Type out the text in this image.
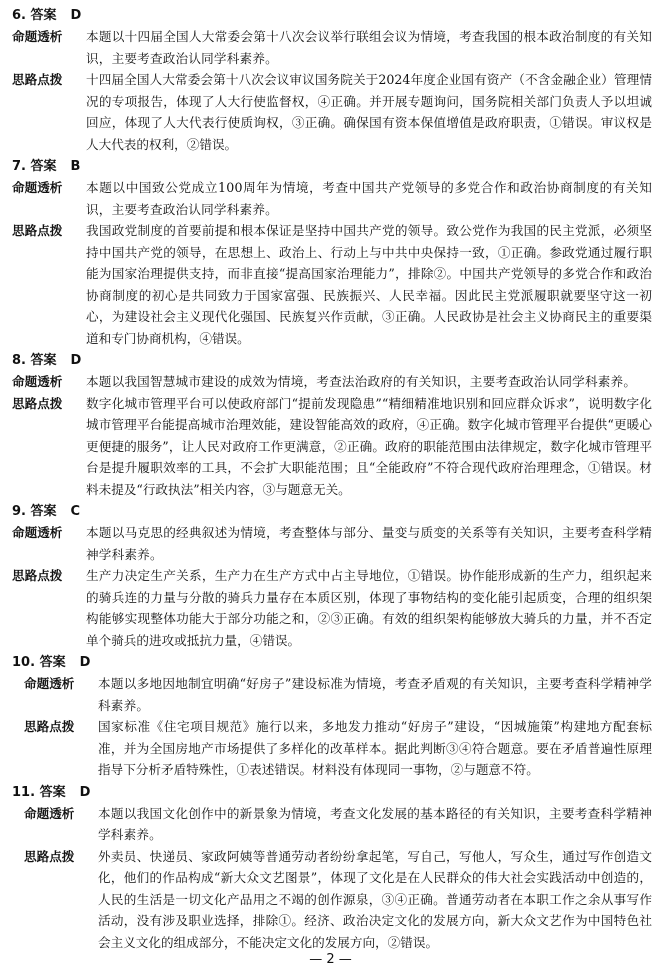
6. 答案 D
命题透析	本题以十四届全国人大常委会第十八次会议举行联组会议为情境，考查我国的根本政治制度的有关知识，主要考查政治认同学科素养。
思路点拨	十四届全国人大常委会第十八次会议审议国务院关于2024年度企业国有资产（不含金融企业）管理情况的专项报告，体现了人大行使监督权，④正确。并开展专题询问，国务院相关部门负责人予以坦诚回应，体现了人大代表行使质询权，③正确。确保国有资本保值增值是政府职责，①错误。审议权是人大代表的权利，②错误。
7. 答案 B
命题透析	本题以中国致公党成立100周年为情境，考查中国共产党领导的多党合作和政治协商制度的有关知识，主要考查政治认同学科素养。
思路点拨	我国政党制度的首要前提和根本保证是坚持中国共产党的领导。致公党作为我国的民主党派，必须坚持中国共产党的领导，在思想上、政治上、行动上与中共中央保持一致，①正确。参政党通过履行职能为国家治理提供支持，而非直接“提高国家治理能力”，排除②。中国共产党领导的多党合作和政治协商制度的初心是共同致力于国家富强、民族振兴、人民幸福。因此民主党派履职就要坚守这一初心，为建设社会主义现代化强国、民族复兴作贡献，③正确。人民政协是社会主义协商民主的重要渠道和专门协商机构，④错误。
8. 答案 D
命题透析	本题以我国智慧城市建设的成效为情境，考查法治政府的有关知识，主要考查政治认同学科素养。
思路点拨	数字化城市管理平台可以使政府部门“提前发现隐患”“精细精准地识别和回应群众诉求”，说明数字化城市管理平台能提高城市治理效能，建设智能高效的政府，④正确。数字化城市管理平台提供“更暖心更便捷的服务”，让人民对政府工作更满意，②正确。政府的职能范围由法律规定，数字化城市管理平台是提升履职效率的工具，不会扩大职能范围；且“全能政府”不符合现代政府治理理念，①错误。材料未提及“行政执法”相关内容，③与题意无关。
9. 答案 C
命题透析	本题以马克思的经典叙述为情境，考查整体与部分、量变与质变的关系等有关知识，主要考查科学精神学科素养。
思路点拨	生产力决定生产关系，生产力在生产方式中占主导地位，①错误。协作能形成新的生产力，组织起来的骑兵连的力量与分散的骑兵力量存在本质区别，体现了事物结构的变化能引起质变，合理的组织架构能够实现整体功能大于部分功能之和，②③正确。有效的组织架构能够放大骑兵的力量，并不否定单个骑兵的进攻或抵抗力量，④错误。
10. 答案 D
命题透析	本题以多地因地制宜明确“好房子”建设标准为情境，考查矛盾观的有关知识，主要考查科学精神学科素养。
思路点拨	国家标准《住宅项目规范》施行以来，多地发力推动“好房子”建设，“因城施策”构建地方配套标准，并为全国房地产市场提供了多样化的改革样本。据此判断③④符合题意。要在矛盾普遍性原理指导下分析矛盾特殊性，①表述错误。材料没有体现同一事物，②与题意不符。
11. 答案 D
命题透析	本题以我国文化创作中的新景象为情境，考查文化发展的基本路径的有关知识，主要考查科学精神学科素养。
思路点拨	外卖员、快递员、家政阿姨等普通劳动者纷纷拿起笔，写自己，写他人，写众生，通过写作创造文化，他们的作品构成“新大众文艺图景”，体现了文化是在人民群众的伟大社会实践活动中创造的，人民的生活是一切文化产品用之不竭的创作源泉，③④正确。普通劳动者在本职工作之余从事写作活动，没有涉及职业选择，排除①。经济、政治决定文化的发展方向，新大众文艺作为中国特色社会主义文化的组成部分，不能决定文化的发展方向，②错误。
— 2 —
